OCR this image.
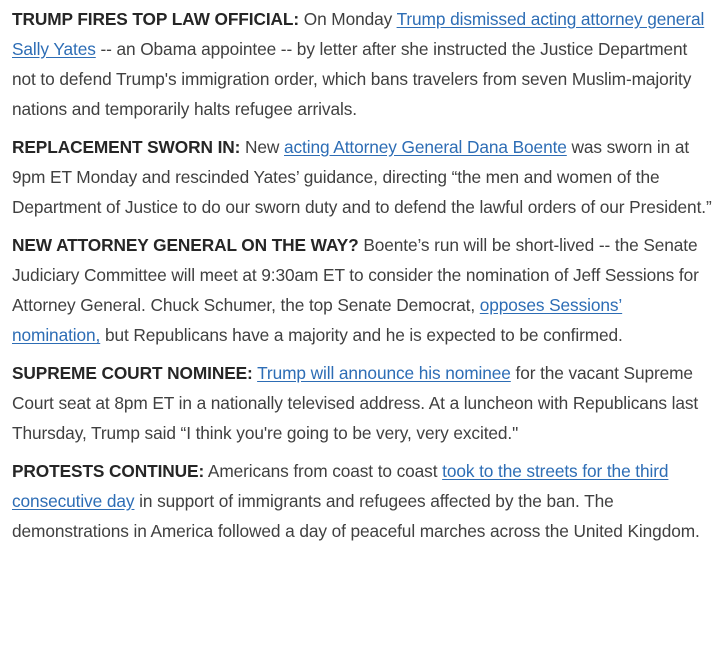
TRUMP FIRES TOP LAW OFFICIAL: On Monday Trump dismissed acting attorney general Sally Yates -- an Obama appointee -- by letter after she instructed the Justice Department not to defend Trump's immigration order, which bans travelers from seven Muslim-majority nations and temporarily halts refugee arrivals.

REPLACEMENT SWORN IN: New acting Attorney General Dana Boente was sworn in at 9pm ET Monday and rescinded Yates’ guidance, directing “the men and women of the Department of Justice to do our sworn duty and to defend the lawful orders of our President.”

NEW ATTORNEY GENERAL ON THE WAY? Boente’s run will be short-lived -- the Senate Judiciary Committee will meet at 9:30am ET to consider the nomination of Jeff Sessions for Attorney General. Chuck Schumer, the top Senate Democrat, opposes Sessions’ nomination, but Republicans have a majority and he is expected to be confirmed.

SUPREME COURT NOMINEE: Trump will announce his nominee for the vacant Supreme Court seat at 8pm ET in a nationally televised address. At a luncheon with Republicans last Thursday, Trump said “I think you're going to be very, very excited."

PROTESTS CONTINUE: Americans from coast to coast took to the streets for the third consecutive day in support of immigrants and refugees affected by the ban. The demonstrations in America followed a day of peaceful marches across the United Kingdom.
